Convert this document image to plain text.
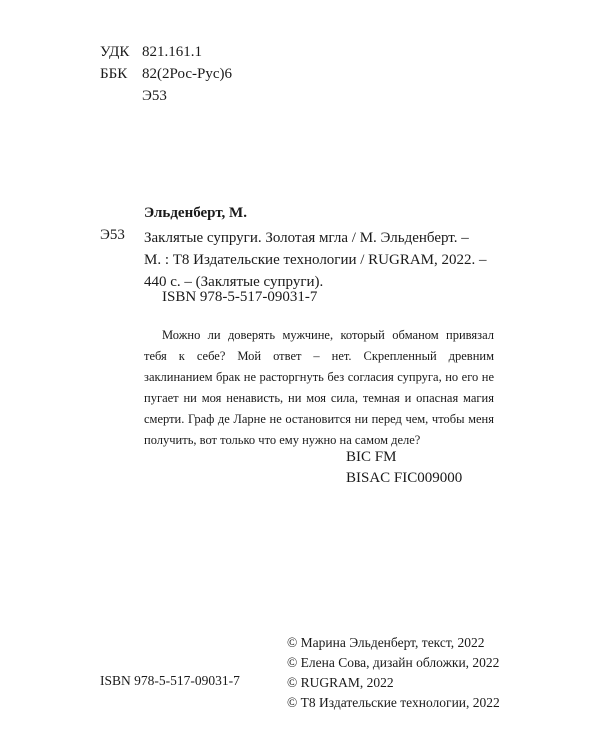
УДК 821.161.1
ББК 82(2Рос-Рус)6
Э53
Эльденберт, М.
Э53 Заклятые супруги. Золотая мгла / М. Эльденберт. –
М. : Т8 Издательские технологии / RUGRAM, 2022. –
440 с. – (Заклятые супруги).
ISBN 978-5-517-09031-7

Можно ли доверять мужчине, который обманом привязал тебя к себе? Мой ответ – нет. Скрепленный древним заклинанием брак не расторгнуть без согласия супруга, но его не пугает ни моя ненависть, ни моя сила, темная и опасная магия смерти. Граф де Ларне не остановится ни перед чем, чтобы меня получить, вот только что ему нужно на самом деле?

BIC FM
BISAC FIC009000
© Марина Эльденберт, текст, 2022
© Елена Сова, дизайн обложки, 2022
© RUGRAM, 2022
© Т8 Издательские технологии, 2022
ISBN 978-5-517-09031-7
